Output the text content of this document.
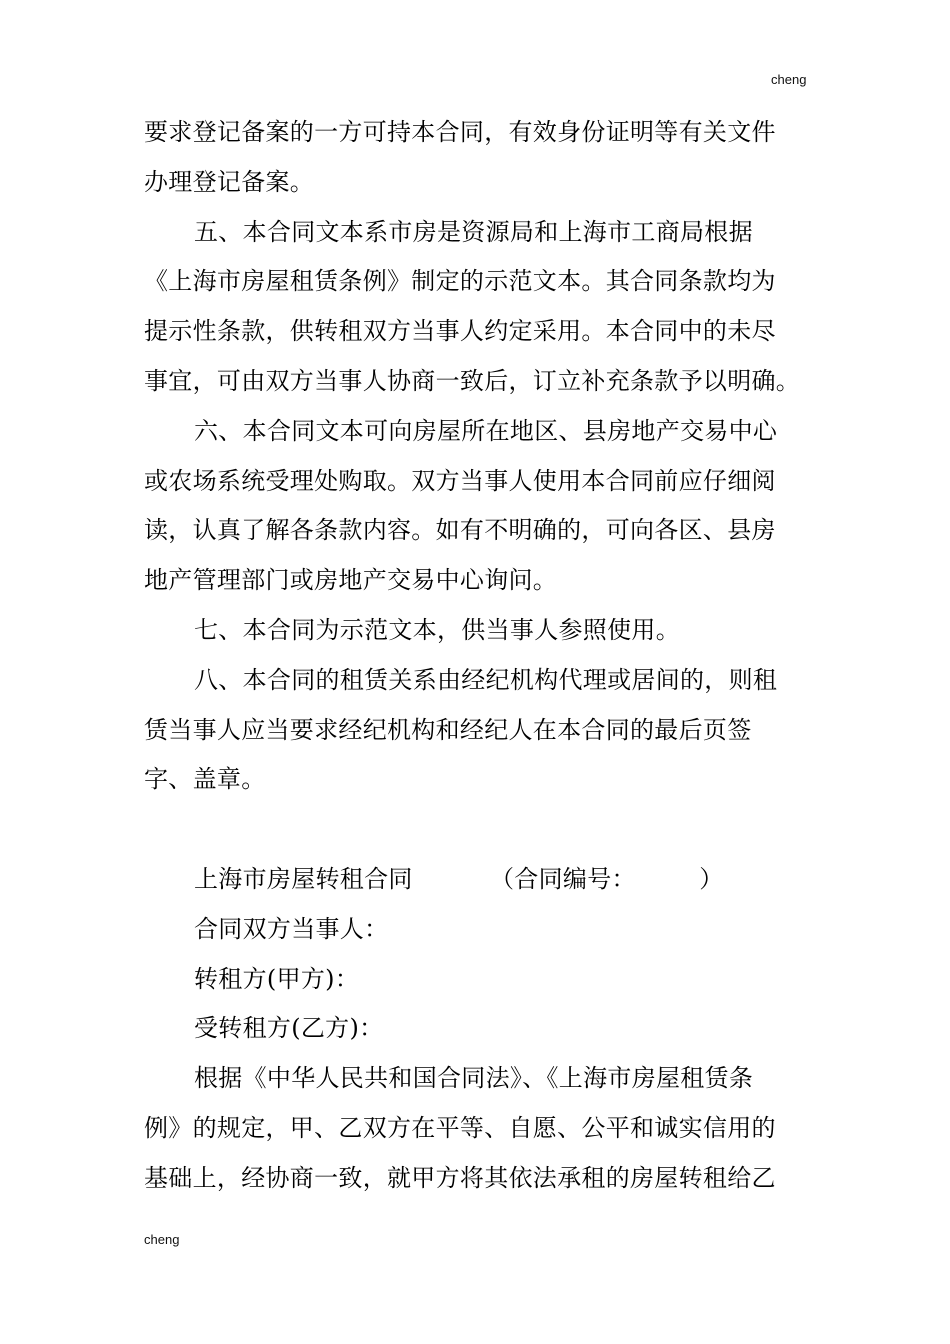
cheng
要求登记备案的一方可持本合同，有效身份证明等有关文件
办理登记备案。
五、本合同文本系市房是资源局和上海市工商局根据
《上海市房屋租赁条例》制定的示范文本。其合同条款均为
提示性条款，供转租双方当事人约定采用。本合同中的未尽
事宜，可由双方当事人协商一致后，订立补充条款予以明确。
六、本合同文本可向房屋所在地区、县房地产交易中心
或农场系统受理处购取。双方当事人使用本合同前应仔细阅
读，认真了解各条款内容。如有不明确的，可向各区、县房
地产管理部门或房地产交易中心询问。
七、本合同为示范文本，供当事人参照使用。
八、本合同的租赁关系由经纪机构代理或居间的，则租
赁当事人应当要求经纪机构和经纪人在本合同的最后页签
字、盖章。
上海市房屋转租合同	（合同编号：        ）
合同双方当事人：
转租方(甲方)：
受转租方(乙方)：
根据《中华人民共和国合同法》、《上海市房屋租赁条
例》的规定，甲、乙双方在平等、自愿、公平和诚实信用的
基础上，经协商一致，就甲方将其依法承租的房屋转租给乙
cheng
